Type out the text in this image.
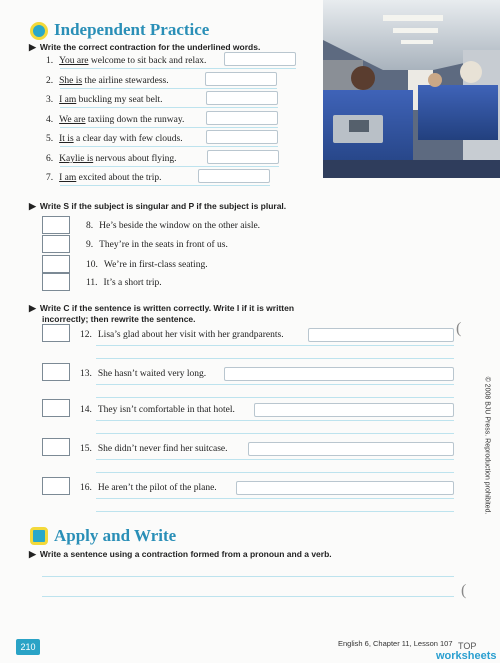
Independent Practice
▶ Write the correct contraction for the underlined words.
1. You are welcome to sit back and relax.
2. She is the airline stewardess.
3. I am buckling my seat belt.
4. We are taxiing down the runway.
5. It is a clear day with few clouds.
6. Kaylie is nervous about flying.
7. I am excited about the trip.
▶ Write S if the subject is singular and P if the subject is plural.
8. He’s beside the window on the other aisle.
9. They’re in the seats in front of us.
10. We’re in first-class seating.
11. It’s a short trip.
▶ Write C if the sentence is written correctly. Write I if it is written
incorrectly; then rewrite the sentence.
12. Lisa’s glad about her visit with her grandparents.
13. She hasn’t waited very long.
14. They isn’t comfortable in that hotel.
15. She didn’t never find her suitcase.
16. He aren’t the pilot of the plane.
Apply and Write
▶ Write a sentence using a contraction formed from a pronoun and a verb.
(
(
© 2008 BJU Press. Reproduction prohibited.
210	English 6, Chapter 11, Lesson 107 TOP
worksheets
